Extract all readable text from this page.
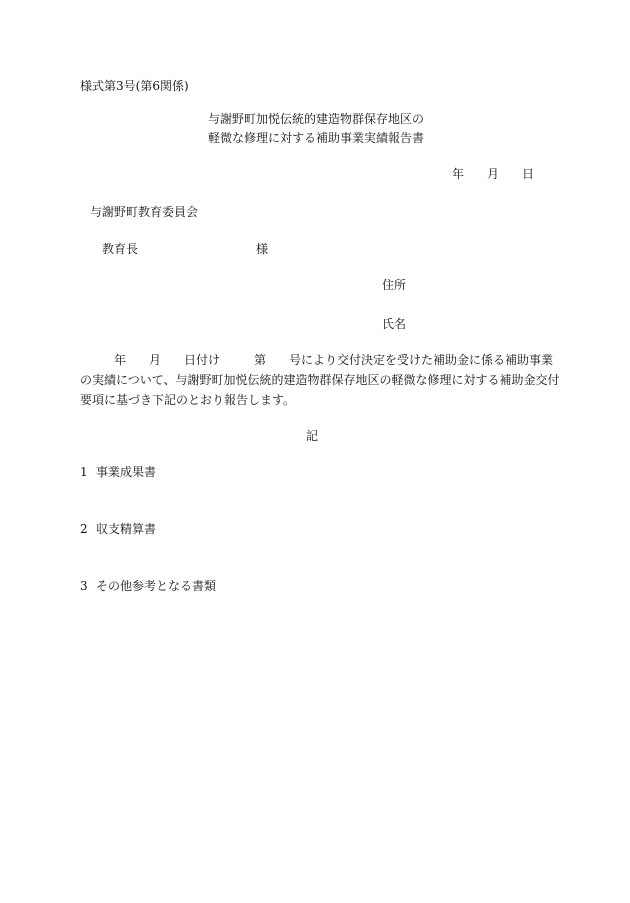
様式第3号(第6関係)

与謝野町加悦伝統的建造物群保存地区の

軽微な修理に対する補助事業実績報告書

年 月 日

与謝野町教育委員会

教育長	様
住所
氏名
年 月 日付け	第 号により交付決定を受けた補助金に係る補助事業
の実績について、与謝野町加悦伝統的建造物群保存地区の軽微な修理に対する補助金交付
要項に基づき下記のとおり報告します。

記

1 事業成果書
2 収支精算書
3 その他参考となる書類
